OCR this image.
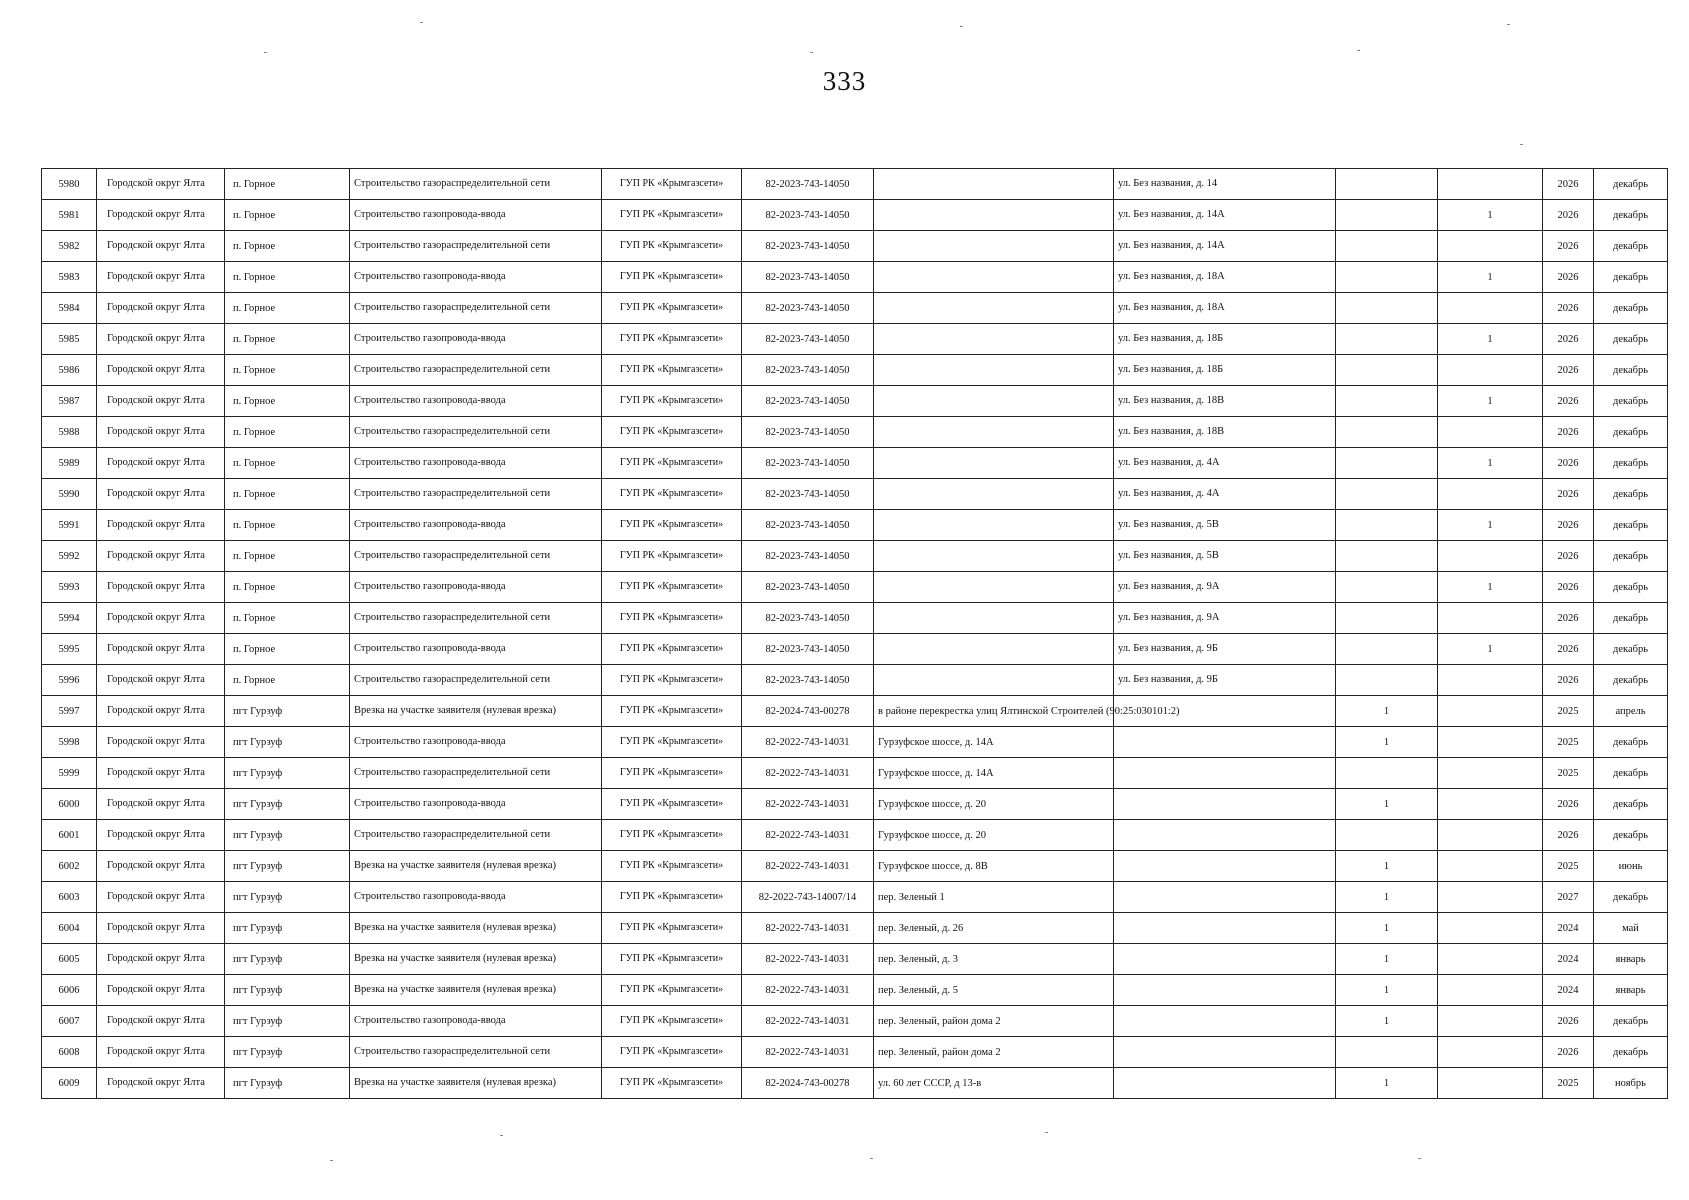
333
5980	Городской округ Ялта	п. Горное	Строительство газораспределительной сети	ГУП РК «Крымгазсети»	82-2023-743-14050		ул. Без названия, д. 14			2026	декабрь
5981	Городской округ Ялта	п. Горное	Строительство газопровода-ввода	ГУП РК «Крымгазсети»	82-2023-743-14050		ул. Без названия, д. 14А		1	2026	декабрь
5982	Городской округ Ялта	п. Горное	Строительство газораспределительной сети	ГУП РК «Крымгазсети»	82-2023-743-14050		ул. Без названия, д. 14А			2026	декабрь
5983	Городской округ Ялта	п. Горное	Строительство газопровода-ввода	ГУП РК «Крымгазсети»	82-2023-743-14050		ул. Без названия, д. 18А		1	2026	декабрь
5984	Городской округ Ялта	п. Горное	Строительство газораспределительной сети	ГУП РК «Крымгазсети»	82-2023-743-14050		ул. Без названия, д. 18А			2026	декабрь
5985	Городской округ Ялта	п. Горное	Строительство газопровода-ввода	ГУП РК «Крымгазсети»	82-2023-743-14050		ул. Без названия, д. 18Б		1	2026	декабрь
5986	Городской округ Ялта	п. Горное	Строительство газораспределительной сети	ГУП РК «Крымгазсети»	82-2023-743-14050		ул. Без названия, д. 18Б			2026	декабрь
5987	Городской округ Ялта	п. Горное	Строительство газопровода-ввода	ГУП РК «Крымгазсети»	82-2023-743-14050		ул. Без названия, д. 18В		1	2026	декабрь
5988	Городской округ Ялта	п. Горное	Строительство газораспределительной сети	ГУП РК «Крымгазсети»	82-2023-743-14050		ул. Без названия, д. 18В			2026	декабрь
5989	Городской округ Ялта	п. Горное	Строительство газопровода-ввода	ГУП РК «Крымгазсети»	82-2023-743-14050		ул. Без названия, д. 4А		1	2026	декабрь
5990	Городской округ Ялта	п. Горное	Строительство газораспределительной сети	ГУП РК «Крымгазсети»	82-2023-743-14050		ул. Без названия, д. 4А			2026	декабрь
5991	Городской округ Ялта	п. Горное	Строительство газопровода-ввода	ГУП РК «Крымгазсети»	82-2023-743-14050		ул. Без названия, д. 5В		1	2026	декабрь
5992	Городской округ Ялта	п. Горное	Строительство газораспределительной сети	ГУП РК «Крымгазсети»	82-2023-743-14050		ул. Без названия, д. 5В			2026	декабрь
5993	Городской округ Ялта	п. Горное	Строительство газопровода-ввода	ГУП РК «Крымгазсети»	82-2023-743-14050		ул. Без названия, д. 9А		1	2026	декабрь
5994	Городской округ Ялта	п. Горное	Строительство газораспределительной сети	ГУП РК «Крымгазсети»	82-2023-743-14050		ул. Без названия, д. 9А			2026	декабрь
5995	Городской округ Ялта	п. Горное	Строительство газопровода-ввода	ГУП РК «Крымгазсети»	82-2023-743-14050		ул. Без названия, д. 9Б		1	2026	декабрь
5996	Городской округ Ялта	п. Горное	Строительство газораспределительной сети	ГУП РК «Крымгазсети»	82-2023-743-14050		ул. Без названия, д. 9Б			2026	декабрь
5997	Городской округ Ялта	пгт Гурзуф	Врезка на участке заявителя (нулевая врезка)	ГУП РК «Крымгазсети»	82-2024-743-00278	в районе перекрестка улиц Ялтинской Строителей (90:25:030101:2)		1		2025	апрель
5998	Городской округ Ялта	пгт Гурзуф	Строительство газопровода-ввода	ГУП РК «Крымгазсети»	82-2022-743-14031	Гурзуфское шоссе, д. 14А		1		2025	декабрь
5999	Городской округ Ялта	пгт Гурзуф	Строительство газораспределительной сети	ГУП РК «Крымгазсети»	82-2022-743-14031	Гурзуфское шоссе, д. 14А				2025	декабрь
6000	Городской округ Ялта	пгт Гурзуф	Строительство газопровода-ввода	ГУП РК «Крымгазсети»	82-2022-743-14031	Гурзуфское шоссе, д. 20		1		2026	декабрь
6001	Городской округ Ялта	пгт Гурзуф	Строительство газораспределительной сети	ГУП РК «Крымгазсети»	82-2022-743-14031	Гурзуфское шоссе, д. 20				2026	декабрь
6002	Городской округ Ялта	пгт Гурзуф	Врезка на участке заявителя (нулевая врезка)	ГУП РК «Крымгазсети»	82-2022-743-14031	Гурзуфское шоссе, д. 8В		1		2025	июнь
6003	Городской округ Ялта	пгт Гурзуф	Строительство газопровода-ввода	ГУП РК «Крымгазсети»	82-2022-743-14007/14	пер. Зеленый 1		1		2027	декабрь
6004	Городской округ Ялта	пгт Гурзуф	Врезка на участке заявителя (нулевая врезка)	ГУП РК «Крымгазсети»	82-2022-743-14031	пер. Зеленый, д. 26		1		2024	май
6005	Городской округ Ялта	пгт Гурзуф	Врезка на участке заявителя (нулевая врезка)	ГУП РК «Крымгазсети»	82-2022-743-14031	пер. Зеленый, д. 3		1		2024	январь
6006	Городской округ Ялта	пгт Гурзуф	Врезка на участке заявителя (нулевая врезка)	ГУП РК «Крымгазсети»	82-2022-743-14031	пер. Зеленый, д. 5		1		2024	январь
6007	Городской округ Ялта	пгт Гурзуф	Строительство газопровода-ввода	ГУП РК «Крымгазсети»	82-2022-743-14031	пер. Зеленый, район дома 2		1		2026	декабрь
6008	Городской округ Ялта	пгт Гурзуф	Строительство газораспределительной сети	ГУП РК «Крымгазсети»	82-2022-743-14031	пер. Зеленый, район дома 2				2026	декабрь
6009	Городской округ Ялта	пгт Гурзуф	Врезка на участке заявителя (нулевая врезка)	ГУП РК «Крымгазсети»	82-2024-743-00278	ул. 60 лет СССР, д 13-в		1		2025	ноябрь
